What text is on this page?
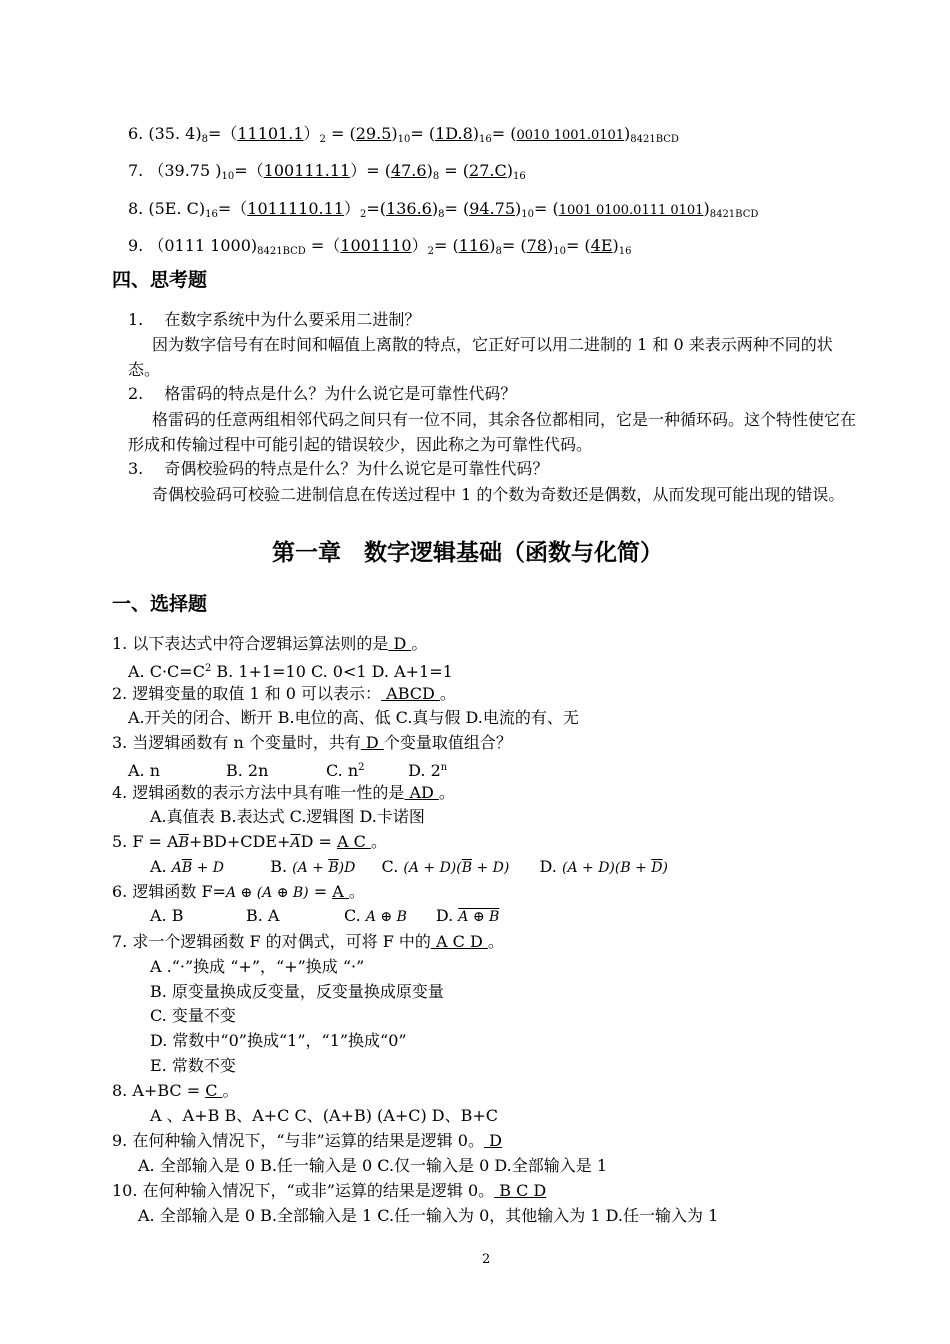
6. (35. $4)_8=(11101.1)_2 = (29.5)_{10}= (1D.8)_{16}= (0010$ $1001.0101)_{8421BCD}$
7. （39.75 )$_{10}=(100111.11)= (47.6)_8 = (27.C)_{16}$
8. (5E. $C)_{16}=(1011110.11)_2=(136.6)_8= (94.75)_{10}= (1001$ 0100.0111 $0101)_{8421BCD}$
9. （0111 $1000)_{8421BCD} =(1001110)_2= (116)_8= (78)_{10}= (4E)_{16}$
四、思考题
1.　 在数字系统中为什么要采用二进制？
因为数字信号有在时间和幅值上离散的特点，它正好可以用二进制的 1 和 0 来表示两种不同的状态。
2.　 格雷码的特点是什么？为什么说它是可靠性代码？
格雷码的任意两组相邻代码之间只有一位不同，其余各位都相同，它是一种循环码。这个特性使它在形成和传输过程中可能引起的错误较少，因此称之为可靠性代码。
3.　 奇偶校验码的特点是什么？为什么说它是可靠性代码？
奇偶校验码可校验二进制信息在传送过程中 1 的个数为奇数还是偶数，从而发现可能出现的错误。
第一章　数字逻辑基础（函数与化简）
一、选择题
1. 以下表达式中符合逻辑运算法则的是 D 。
A. $C\cdot C=C^2$ B. 1+1=10 C. 0<1 D. A+1=1
2. 逻辑变量的取值 1 和 0 可以表示： ABCD 。
A.开关的闭合、断开 B.电位的高、低 C.真与假 D.电流的有、无
3. 当逻辑函数有 n 个变量时，共有 D 个变量取值组合？
A. n	B. 2n	C. n2	D. 2$^n$
4. 逻辑函数的表示方法中具有唯一性的是 AD 。
A.真值表 B.表达式 C.逻辑图 D.卡诺图
5. $F = A\overline{B}+BD+CDE+\overline{A}D = A$ C 。
A. $A\overline{B} + D$	B. $(A + \overline{B})D$ C. $(A + D)(\overline{B} + D)$ D. $(A + D)(B + \overline{D})$
6. 逻辑函数 F=A ⊕ (A ⊕ B) = A 。
A. B	B. A	C. A ⊕ B D. A ⊕ B
7. 求一个逻辑函数 F 的对偶式，可将 F 中的 A C D 。
A .“·”换成 “+”，“+”换成 “·”
B. 原变量换成反变量，反变量换成原变量
C. 变量不变
D. 常数中“0”换成“1”，“1”换成“0”
E. 常数不变
8. A+BC = C 。
A 、A+B B、A+C C、(A+B) (A+C) D、B+C
9. 在何种输入情况下，“与非”运算的结果是逻辑 0。 D
A. 全部输入是 0 B.任一输入是 0 C.仅一输入是 0 D.全部输入是 1
10. 在何种输入情况下，“或非”运算的结果是逻辑 0。 B C D
A. 全部输入是 0 B.全部输入是 1 C.任一输入为 0，其他输入为 1 D.任一输入为 1
2
